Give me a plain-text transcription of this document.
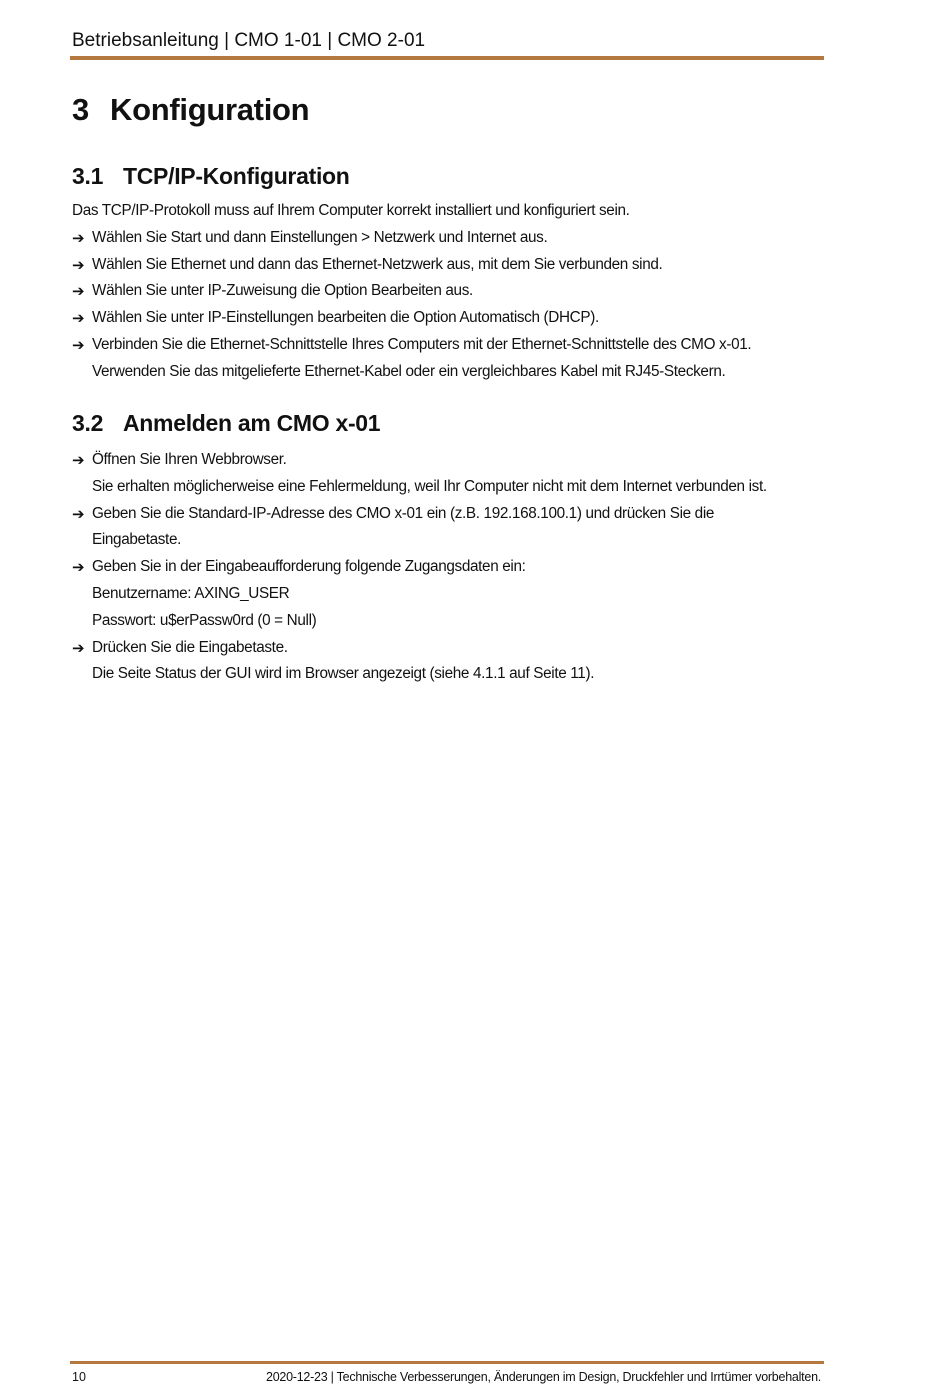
Betriebsanleitung | CMO 1-01 | CMO 2-01
3 Konfiguration
3.1 TCP/IP-Konfiguration
Das TCP/IP-Protokoll muss auf Ihrem Computer korrekt installiert und konfiguriert sein.
➔ Wählen Sie Start und dann Einstellungen > Netzwerk und Internet aus.
➔ Wählen Sie Ethernet und dann das Ethernet-Netzwerk aus, mit dem Sie verbunden sind.
➔ Wählen Sie unter IP-Zuweisung die Option Bearbeiten aus.
➔ Wählen Sie unter IP-Einstellungen bearbeiten die Option Automatisch (DHCP).
➔ Verbinden Sie die Ethernet-Schnittstelle Ihres Computers mit der Ethernet-Schnittstelle des CMO x-01.
Verwenden Sie das mitgelieferte Ethernet-Kabel oder ein vergleichbares Kabel mit RJ45-Steckern.
3.2 Anmelden am CMO x-01
➔ Öffnen Sie Ihren Webbrowser.
Sie erhalten möglicherweise eine Fehlermeldung, weil Ihr Computer nicht mit dem Internet verbunden ist.
➔ Geben Sie die Standard-IP-Adresse des CMO x-01 ein (z.B. 192.168.100.1) und drücken Sie die
Eingabetaste.
➔ Geben Sie in der Eingabeaufforderung folgende Zugangsdaten ein:
Benutzername: AXING_USER
Passwort: u$erPassw0rd (0 = Null)
➔ Drücken Sie die Eingabetaste.
Die Seite Status der GUI wird im Browser angezeigt (siehe 4.1.1 auf Seite 11).
10	2020-12-23 | Technische Verbesserungen, Änderungen im Design, Druckfehler und Irrtümer vorbehalten.
